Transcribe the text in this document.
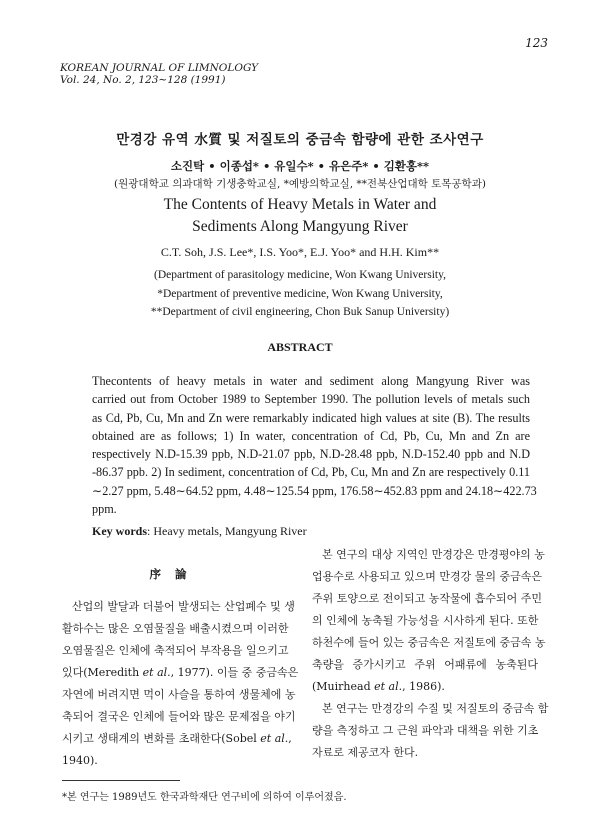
123
KOREAN JOURNAL OF LIMNOLOGY
Vol. 24, No. 2, 123∼128 (1991)
만경강 유역 水質 및 저질토의 중금속 함량에 관한 조사연구
소진탁 • 이종섭* • 유일수* • 유은주* • 김환홍**
(원광대학교 의과대학 기생충학교실, *예방의학교실, **전북산업대학 토목공학과)
The Contents of Heavy Metals in Water and
Sediments Along Mangyung River
C.T. Soh, J.S. Lee*, I.S. Yoo*, E.J. Yoo* and H.H. Kim**
(Department of parasitology medicine, Won Kwang University,
*Department of preventive medicine, Won Kwang University,
**Department of civil engineering, Chon Buk Sanup University)
ABSTRACT
Thecontents of heavy metals in water and sediment along Mangyung River was
carried out from October 1989 to September 1990. The pollution levels of metals such
as Cd, Pb, Cu, Mn and Zn were remarkably indicated high values at site (B). The results
obtained are as follows; 1) In water, concentration of Cd, Pb, Cu, Mn and Zn are
respectively N.D-15.39 ppb, N.D-21.07 ppb, N.D-28.48 ppb, N.D-152.40 ppb and N.D
-86.37 ppb. 2) In sediment, concentration of Cd, Pb, Cu, Mn and Zn are respectively 0.11
∼2.27 ppm, 5.48∼64.52 ppm, 4.48∼125.54 ppm, 176.58∼452.83 ppm and 24.18∼422.73
ppm.
Key words: Heavy metals, Mangyung River
序論
산업의 발달과 더불어 발생되는 산업폐수 및 생
활하수는 많은 오염물질을 배출시켰으며 이러한
오염물질은 인체에 축적되어 부작용을 일으키고
있다(Meredith et al., 1977). 이들 중 중금속은
자연에 버려지면 먹이 사슬을 통하여 생물체에 농
축되어 결국은 인체에 들어와 많은 문제점을 야기
시키고 생태계의 변화를 초래한다(Sobel et al.,
1940).
본 연구의 대상 지역인 만경강은 만경평야의 농
업용수로 사용되고 있으며 만경강 물의 중금속은
주위 토양으로 전이되고 농작물에 흡수되어 주민
의 인체에 농축될 가능성을 시사하게 된다. 또한
하천수에 들어 있는 중금속은 저질토에 중금속 농
축량을 증가시키고 주위 어패류에 농축된다
(Muirhead et al., 1986).
본 연구는 만경강의 수질 및 저질토의 중금속 함
량을 측정하고 그 근원 파악과 대책을 위한 기초
자료로 제공코자 한다.
*본 연구는 1989년도 한국과학재단 연구비에 의하여 이루어졌음.
